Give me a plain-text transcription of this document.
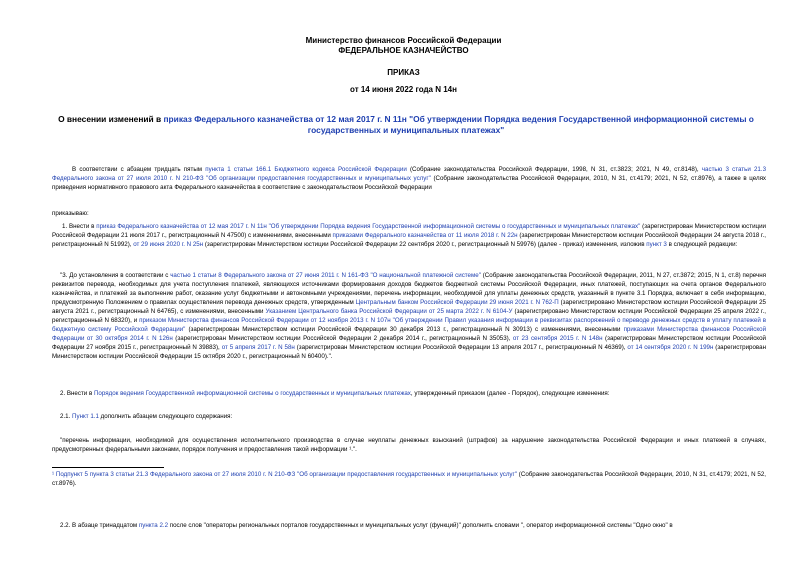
Министерство финансов Российской Федерации
ФЕДЕРАЛЬНОЕ КАЗНАЧЕЙСТВО
ПРИКАЗ
от 14 июня 2022 года N 14н
О внесении изменений в приказ Федерального казначейства от 12 мая 2017 г. N 11н "Об утверждении Порядка ведения Государственной информационной системы о государственных и муниципальных платежах"

В соответствии с абзацем тридцать пятым пункта 1 статьи 166.1 Бюджетного кодекса Российской Федерации (Собрание законодательства Российской Федерации, 1998, N 31, ст.3823; 2021, N 49, ст.8148), частью 3 статьи 21.3 Федерального закона от 27 июля 2010 г. N 210-ФЗ "Об организации предоставления государственных и муниципальных услуг" (Собрание законодательства Российской Федерации, 2010, N 31, ст.4179; 2021, N 52, ст.8976), а также в целях приведения нормативного правового акта Федерального казначейства в соответствие с законодательством Российской Федерации

приказываю:

1. Внести в приказ Федерального казначейства от 12 мая 2017 г. N 11н "Об утверждении Порядка ведения Государственной информационной системы о государственных и муниципальных платежах" (зарегистрирован Министерством юстиции Российской Федерации 21 июля 2017 г., регистрационный N 47500) с изменениями, внесенными приказами Федерального казначейства от 11 июля 2018 г. N 22н (зарегистрирован Министерством юстиции Российской Федерации 24 августа 2018 г., регистрационный N 51992), от 29 июня 2020 г. N 25н (зарегистрирован Министерством юстиции Российской Федерации 22 сентября 2020 г., регистрационный N 59976) (далее - приказ) изменения, изложив пункт 3 в следующей редакции:

"3. До установления в соответствии с частью 1 статьи 8 Федерального закона от 27 июня 2011 г. N 161-ФЗ "О национальной платежной системе" (Собрание законодательства Российской Федерации, 2011, N 27, ст.3872; 2015, N 1, ст.8) перечня реквизитов перевода, необходимых для учета поступления платежей, являющихся источниками формирования доходов бюджетов бюджетной системы Российской Федерации, иных платежей, поступающих на счета органов Федерального казначейства, и платежей за выполнение работ, оказание услуг бюджетными и автономными учреждениями, перечень информации, необходимой для уплаты денежных средств, указанный в пункте 3.1 Порядка, включает в себя информацию, предусмотренную Положением о правилах осуществления перевода денежных средств, утвержденным Центральным банком Российской Федерации 29 июня 2021 г. N 762-П (зарегистрировано Министерством юстиции Российской Федерации 25 августа 2021 г., регистрационный N 64765), с изменениями, внесенными Указанием Центрального банка Российской Федерации от 25 марта 2022 г. N 6104-У (зарегистрировано Министерством юстиции Российской Федерации 25 апреля 2022 г., регистрационный N 68320), и приказом Министерства финансов Российской Федерации от 12 ноября 2013 г. N 107н "Об утверждении Правил указания информации в реквизитах распоряжений о переводе денежных средств в уплату платежей в бюджетную систему Российской Федерации" (зарегистрирован Министерством юстиции Российской Федерации 30 декабря 2013 г., регистрационный N 30913) с изменениями, внесенными приказами Министерства финансов Российской Федерации от 30 октября 2014 г. N 126н (зарегистрирован Министерством юстиции Российской Федерации 2 декабря 2014 г., регистрационный N 35053), от 23 сентября 2015 г. N 148н (зарегистрирован Министерством юстиции Российской Федерации 27 ноября 2015 г., регистрационный N 39883), от 5 апреля 2017 г. N 58н (зарегистрирован Министерством юстиции Российской Федерации 13 апреля 2017 г., регистрационный N 46369), от 14 сентября 2020 г. N 199н (зарегистрирован Министерством юстиции Российской Федерации 15 октября 2020 г., регистрационный N 60400).".

2. Внести в Порядок ведения Государственной информационной системы о государственных и муниципальных платежах, утвержденный приказом (далее - Порядок), следующие изменения:

2.1. Пункт 1.1 дополнить абзацем следующего содержания:

"перечень информации, необходимой для осуществления исполнительного производства в случае неуплаты денежных взысканий (штрафов) за нарушение законодательства Российской Федерации и иных платежей в случаях, предусмотренных федеральными законами, порядок получения и предоставления такой информации ¹.".

¹ Подпункт 5 пункта 3 статьи 21.3 Федерального закона от 27 июля 2010 г. N 210-ФЗ "Об организации предоставления государственных и муниципальных услуг" (Собрание законодательства Российской Федерации, 2010, N 31, ст.4179; 2021, N 52, ст.8976).

2.2. В абзаце тринадцатом пункта 2.2 после слов "операторы региональных порталов государственных и муниципальных услуг (функций)" дополнить словами ", оператор информационной системы "Одно окно" в
